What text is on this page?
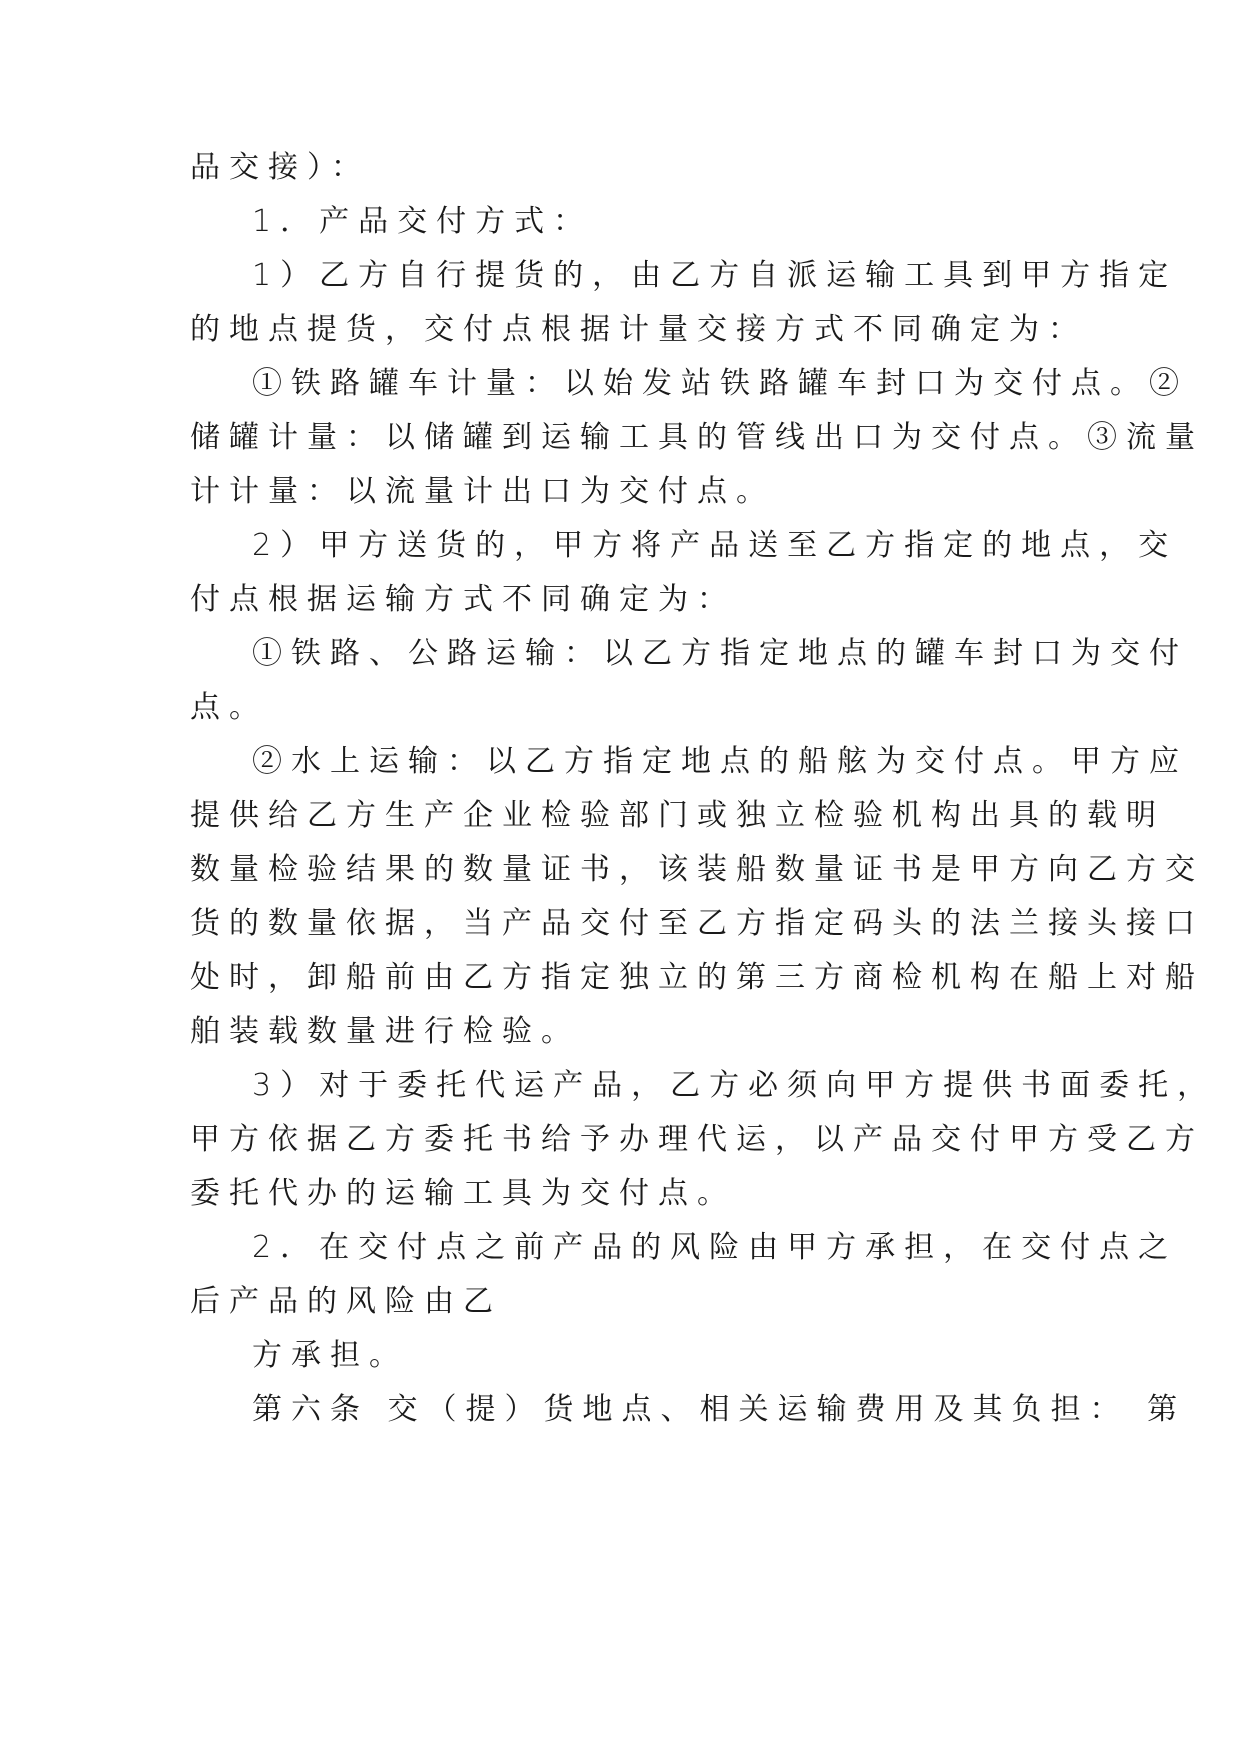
品交接）：
1．产品交付方式：
1）乙方自行提货的，由乙方自派运输工具到甲方指定
的地点提货，交付点根据计量交接方式不同确定为：
①铁路罐车计量：以始发站铁路罐车封口为交付点。②
储罐计量：以储罐到运输工具的管线出口为交付点。③流量
计计量：以流量计出口为交付点。
2）甲方送货的，甲方将产品送至乙方指定的地点，交
付点根据运输方式不同确定为：
①铁路、公路运输：以乙方指定地点的罐车封口为交付
点。
②水上运输：以乙方指定地点的船舷为交付点。甲方应
提供给乙方生产企业检验部门或独立检验机构出具的载明
数量检验结果的数量证书，该装船数量证书是甲方向乙方交
货的数量依据，当产品交付至乙方指定码头的法兰接头接口
处时，卸船前由乙方指定独立的第三方商检机构在船上对船
舶装载数量进行检验。
3）对于委托代运产品，乙方必须向甲方提供书面委托，
甲方依据乙方委托书给予办理代运，以产品交付甲方受乙方
委托代办的运输工具为交付点。
2．在交付点之前产品的风险由甲方承担，在交付点之
后产品的风险由乙
方承担。
第六条 交（提）货地点、相关运输费用及其负担： 第
